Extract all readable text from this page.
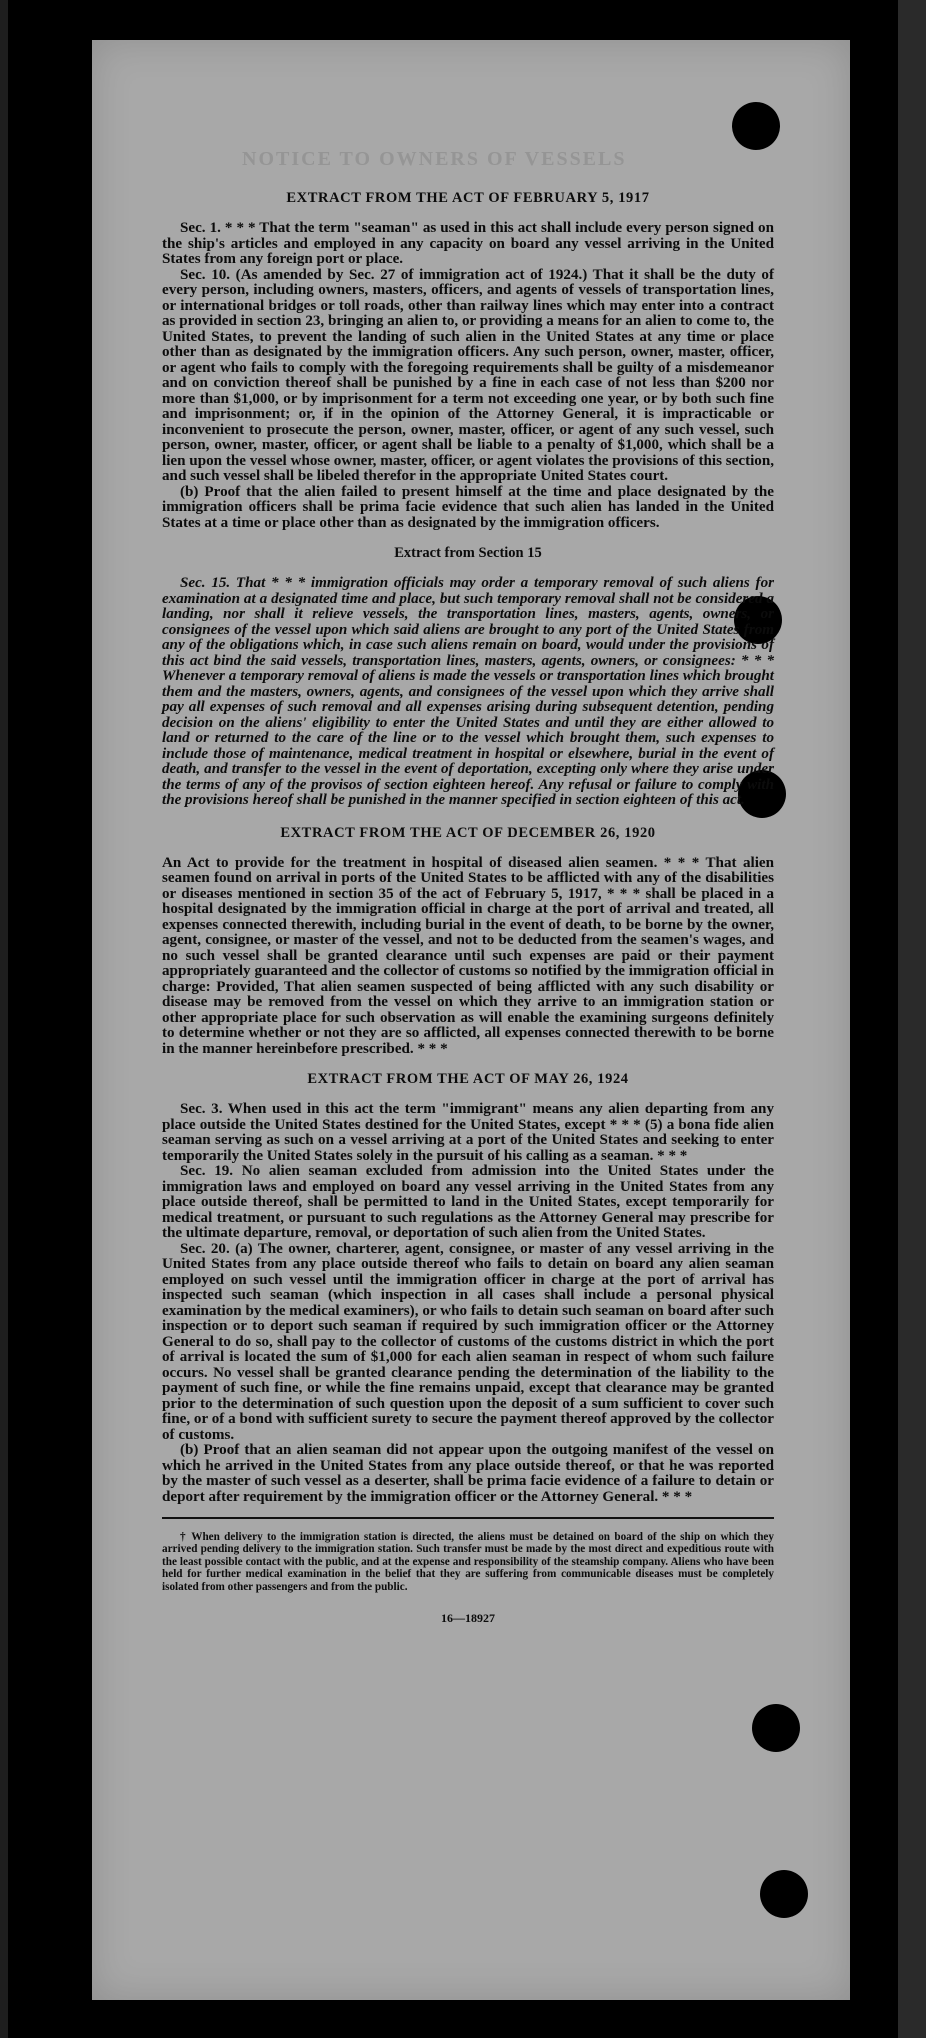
NOTICE TO OWNERS OF VESSELS

EXTRACT FROM THE ACT OF FEBRUARY 5, 1917

Sec. 1. * * * That the term "seaman" as used in this act shall include every person signed on the ship's articles and employed in any capacity on board any vessel arriving in the United States from any foreign port or place.

Sec. 10. (As amended by Sec. 27 of immigration act of 1924.) That it shall be the duty of every person, including owners, masters, officers, and agents of vessels of transportation lines, or international bridges or toll roads, other than railway lines which may enter into a contract as provided in section 23, bringing an alien to, or providing a means for an alien to come to, the United States, to prevent the landing of such alien in the United States at any time or place other than as designated by the immigration officers. Any such person, owner, master, officer, or agent who fails to comply with the foregoing requirements shall be guilty of a misdemeanor and on conviction thereof shall be punished by a fine in each case of not less than $200 nor more than $1,000, or by imprisonment for a term not exceeding one year, or by both such fine and imprisonment; or, if in the opinion of the Attorney General, it is impracticable or inconvenient to prosecute the person, owner, master, officer, or agent of any such vessel, such person, owner, master, officer, or agent shall be liable to a penalty of $1,000, which shall be a lien upon the vessel whose owner, master, officer, or agent violates the provisions of this section, and such vessel shall be libeled therefor in the appropriate United States court.

(b) Proof that the alien failed to present himself at the time and place designated by the immigration officers shall be prima facie evidence that such alien has landed in the United States at a time or place other than as designated by the immigration officers.

Extract from Section 15

Sec. 15. That * * * immigration officials may order a temporary removal of such aliens for examination at a designated time and place, but such temporary removal shall not be considered a landing, nor shall it relieve vessels, the transportation lines, masters, agents, owners, or consignees of the vessel upon which said aliens are brought to any port of the United States from any of the obligations which, in case such aliens remain on board, would under the provisions of this act bind the said vessels, transportation lines, masters, agents, owners, or consignees: * * * Whenever a temporary removal of aliens is made the vessels or transportation lines which brought them and the masters, owners, agents, and consignees of the vessel upon which they arrive shall pay all expenses of such removal and all expenses arising during subsequent detention, pending decision on the aliens' eligibility to enter the United States and until they are either allowed to land or returned to the care of the line or to the vessel which brought them, such expenses to include those of maintenance, medical treatment in hospital or elsewhere, burial in the event of death, and transfer to the vessel in the event of deportation, excepting only where they arise under the terms of any of the provisos of section eighteen hereof. Any refusal or failure to comply with the provisions hereof shall be punished in the manner specified in section eighteen of this act.

EXTRACT FROM THE ACT OF DECEMBER 26, 1920

An Act to provide for the treatment in hospital of diseased alien seamen. * * * That alien seamen found on arrival in ports of the United States to be afflicted with any of the disabilities or diseases mentioned in section 35 of the act of February 5, 1917, * * * shall be placed in a hospital designated by the immigration official in charge at the port of arrival and treated, all expenses connected therewith, including burial in the event of death, to be borne by the owner, agent, consignee, or master of the vessel, and not to be deducted from the seamen's wages, and no such vessel shall be granted clearance until such expenses are paid or their payment appropriately guaranteed and the collector of customs so notified by the immigration official in charge: Provided, That alien seamen suspected of being afflicted with any such disability or disease may be removed from the vessel on which they arrive to an immigration station or other appropriate place for such observation as will enable the examining surgeons definitely to determine whether or not they are so afflicted, all expenses connected therewith to be borne in the manner hereinbefore prescribed. * * *

EXTRACT FROM THE ACT OF MAY 26, 1924

Sec. 3. When used in this act the term "immigrant" means any alien departing from any place outside the United States destined for the United States, except * * * (5) a bona fide alien seaman serving as such on a vessel arriving at a port of the United States and seeking to enter temporarily the United States solely in the pursuit of his calling as a seaman. * * *

Sec. 19. No alien seaman excluded from admission into the United States under the immigration laws and employed on board any vessel arriving in the United States from any place outside thereof, shall be permitted to land in the United States, except temporarily for medical treatment, or pursuant to such regulations as the Attorney General may prescribe for the ultimate departure, removal, or deportation of such alien from the United States.

Sec. 20. (a) The owner, charterer, agent, consignee, or master of any vessel arriving in the United States from any place outside thereof who fails to detain on board any alien seaman employed on such vessel until the immigration officer in charge at the port of arrival has inspected such seaman (which inspection in all cases shall include a personal physical examination by the medical examiners), or who fails to detain such seaman on board after such inspection or to deport such seaman if required by such immigration officer or the Attorney General to do so, shall pay to the collector of customs of the customs district in which the port of arrival is located the sum of $1,000 for each alien seaman in respect of whom such failure occurs. No vessel shall be granted clearance pending the determination of the liability to the payment of such fine, or while the fine remains unpaid, except that clearance may be granted prior to the determination of such question upon the deposit of a sum sufficient to cover such fine, or of a bond with sufficient surety to secure the payment thereof approved by the collector of customs.

(b) Proof that an alien seaman did not appear upon the outgoing manifest of the vessel on which he arrived in the United States from any place outside thereof, or that he was reported by the master of such vessel as a deserter, shall be prima facie evidence of a failure to detain or deport after requirement by the immigration officer or the Attorney General. * * *

† When delivery to the immigration station is directed, the aliens must be detained on board of the ship on which they arrived pending delivery to the immigration station. Such transfer must be made by the most direct and expeditious route with the least possible contact with the public, and at the expense and responsibility of the steamship company. Aliens who have been held for further medical examination in the belief that they are suffering from communicable diseases must be completely isolated from other passengers and from the public.

16—18927
